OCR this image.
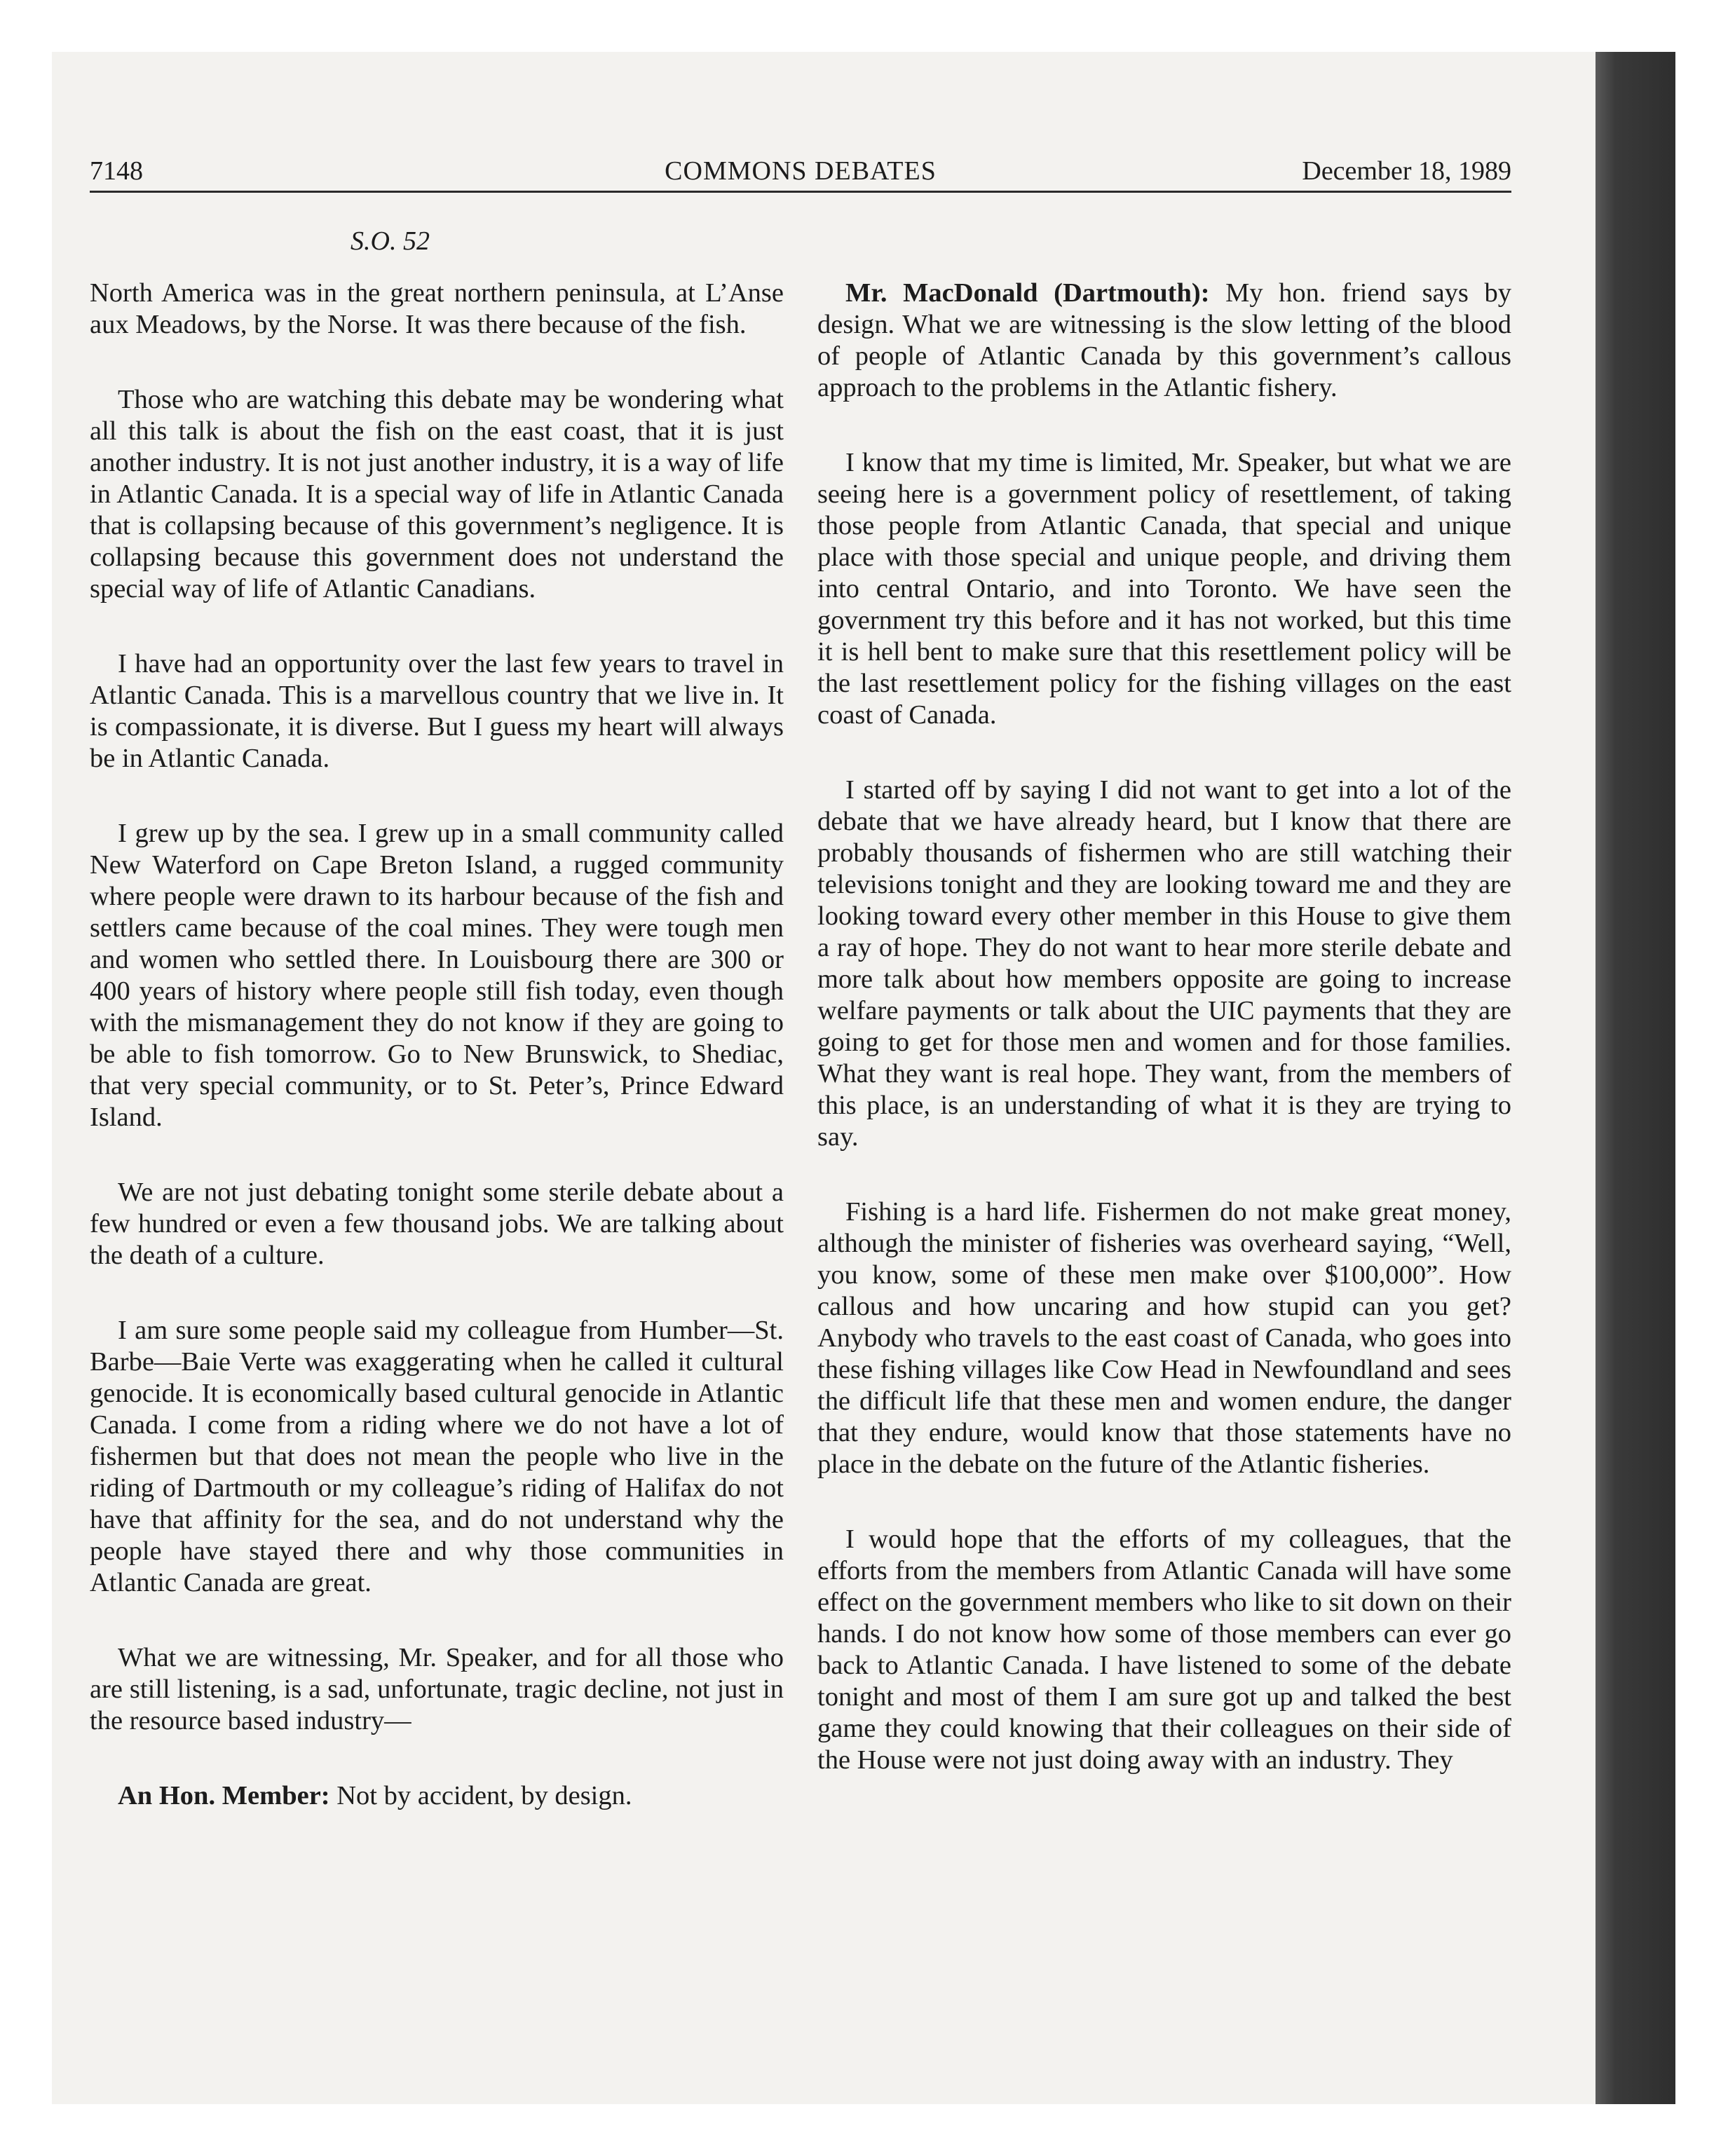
7148	COMMONS DEBATES	December 18, 1989
S.O. 52

North America was in the great northern peninsula, at L’Anse aux Meadows, by the Norse. It was there because of the fish.

Those who are watching this debate may be wondering what all this talk is about the fish on the east coast, that it is just another industry. It is not just another industry, it is a way of life in Atlantic Canada. It is a special way of life in Atlantic Canada that is collapsing because of this government’s negligence. It is collapsing because this government does not understand the special way of life of Atlantic Canadians.

I have had an opportunity over the last few years to travel in Atlantic Canada. This is a marvellous country that we live in. It is compassionate, it is diverse. But I guess my heart will always be in Atlantic Canada.

I grew up by the sea. I grew up in a small community called New Waterford on Cape Breton Island, a rugged community where people were drawn to its harbour because of the fish and settlers came because of the coal mines. They were tough men and women who settled there. In Louisbourg there are 300 or 400 years of history where people still fish today, even though with the mismanagement they do not know if they are going to be able to fish tomorrow. Go to New Brunswick, to Shediac, that very special community, or to St. Peter’s, Prince Edward Island.

We are not just debating tonight some sterile debate about a few hundred or even a few thousand jobs. We are talking about the death of a culture.

I am sure some people said my colleague from Humber—St. Barbe—Baie Verte was exaggerating when he called it cultural genocide. It is economically based cultural genocide in Atlantic Canada. I come from a riding where we do not have a lot of fishermen but that does not mean the people who live in the riding of Dartmouth or my colleague’s riding of Halifax do not have that affinity for the sea, and do not understand why the people have stayed there and why those communities in Atlantic Canada are great.

What we are witnessing, Mr. Speaker, and for all those who are still listening, is a sad, unfortunate, tragic decline, not just in the resource based industry—

An Hon. Member: Not by accident, by design.

Mr. MacDonald (Dartmouth): My hon. friend says by design. What we are witnessing is the slow letting of the blood of people of Atlantic Canada by this government’s callous approach to the problems in the Atlantic fishery.

I know that my time is limited, Mr. Speaker, but what we are seeing here is a government policy of resettlement, of taking those people from Atlantic Canada, that special and unique place with those special and unique people, and driving them into central Ontario, and into Toronto. We have seen the government try this before and it has not worked, but this time it is hell bent to make sure that this resettlement policy will be the last resettlement policy for the fishing villages on the east coast of Canada.

I started off by saying I did not want to get into a lot of the debate that we have already heard, but I know that there are probably thousands of fishermen who are still watching their televisions tonight and they are looking toward me and they are looking toward every other member in this House to give them a ray of hope. They do not want to hear more sterile debate and more talk about how members opposite are going to increase welfare payments or talk about the UIC payments that they are going to get for those men and women and for those families. What they want is real hope. They want, from the members of this place, is an understanding of what it is they are trying to say.

Fishing is a hard life. Fishermen do not make great money, although the minister of fisheries was overheard saying, “Well, you know, some of these men make over $100,000”. How callous and how uncaring and how stupid can you get? Anybody who travels to the east coast of Canada, who goes into these fishing villages like Cow Head in Newfoundland and sees the difficult life that these men and women endure, the danger that they endure, would know that those statements have no place in the debate on the future of the Atlantic fisheries.

I would hope that the efforts of my colleagues, that the efforts from the members from Atlantic Canada will have some effect on the government members who like to sit down on their hands. I do not know how some of those members can ever go back to Atlantic Canada. I have listened to some of the debate tonight and most of them I am sure got up and talked the best game they could knowing that their colleagues on their side of the House were not just doing away with an industry. They
